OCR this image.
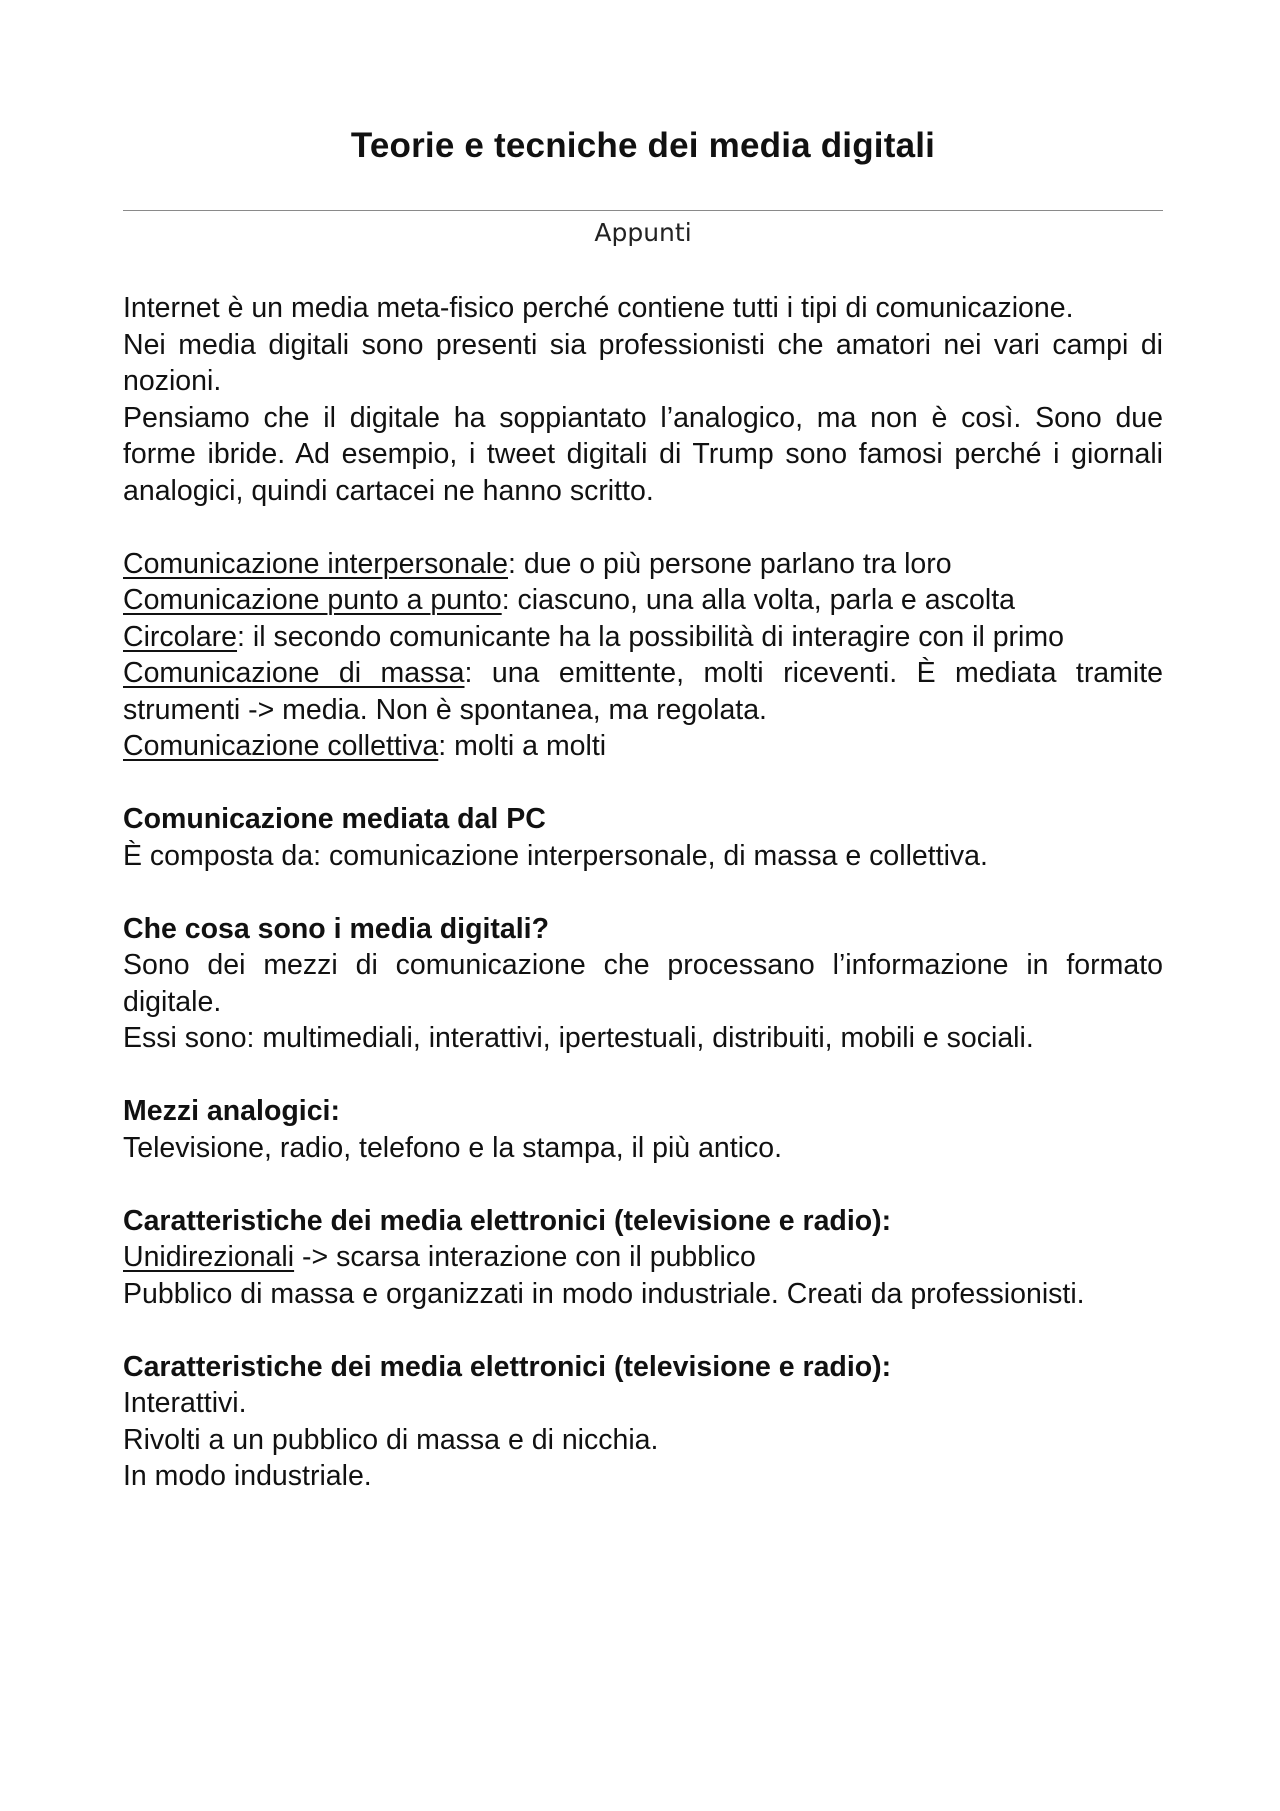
Teorie e tecniche dei media digitali
Appunti

Internet è un media meta-fisico perché contiene tutti i tipi di comunicazione.

Nei media digitali sono presenti sia professionisti che amatori nei vari campi di nozioni.

Pensiamo che il digitale ha soppiantato l’analogico, ma non è così. Sono due forme ibride. Ad esempio, i tweet digitali di Trump sono famosi perché i giornali analogici, quindi cartacei ne hanno scritto.

Comunicazione interpersonale: due o più persone parlano tra loro

Comunicazione punto a punto: ciascuno, una alla volta, parla e ascolta

Circolare: il secondo comunicante ha la possibilità di interagire con il primo

Comunicazione di massa: una emittente, molti riceventi. È mediata tramite strumenti -> media. Non è spontanea, ma regolata.

Comunicazione collettiva: molti a molti

Comunicazione mediata dal PC

È composta da: comunicazione interpersonale, di massa e collettiva.

Che cosa sono i media digitali?

Sono dei mezzi di comunicazione che processano l’informazione in formato digitale.

Essi sono: multimediali, interattivi, ipertestuali, distribuiti, mobili e sociali.

Mezzi analogici:

Televisione, radio, telefono e la stampa, il più antico.

Caratteristiche dei media elettronici (televisione e radio):

Unidirezionali -> scarsa interazione con il pubblico

Pubblico di massa e organizzati in modo industriale. Creati da professionisti.

Caratteristiche dei media elettronici (televisione e radio):

Interattivi.

Rivolti a un pubblico di massa e di nicchia.

In modo industriale.
